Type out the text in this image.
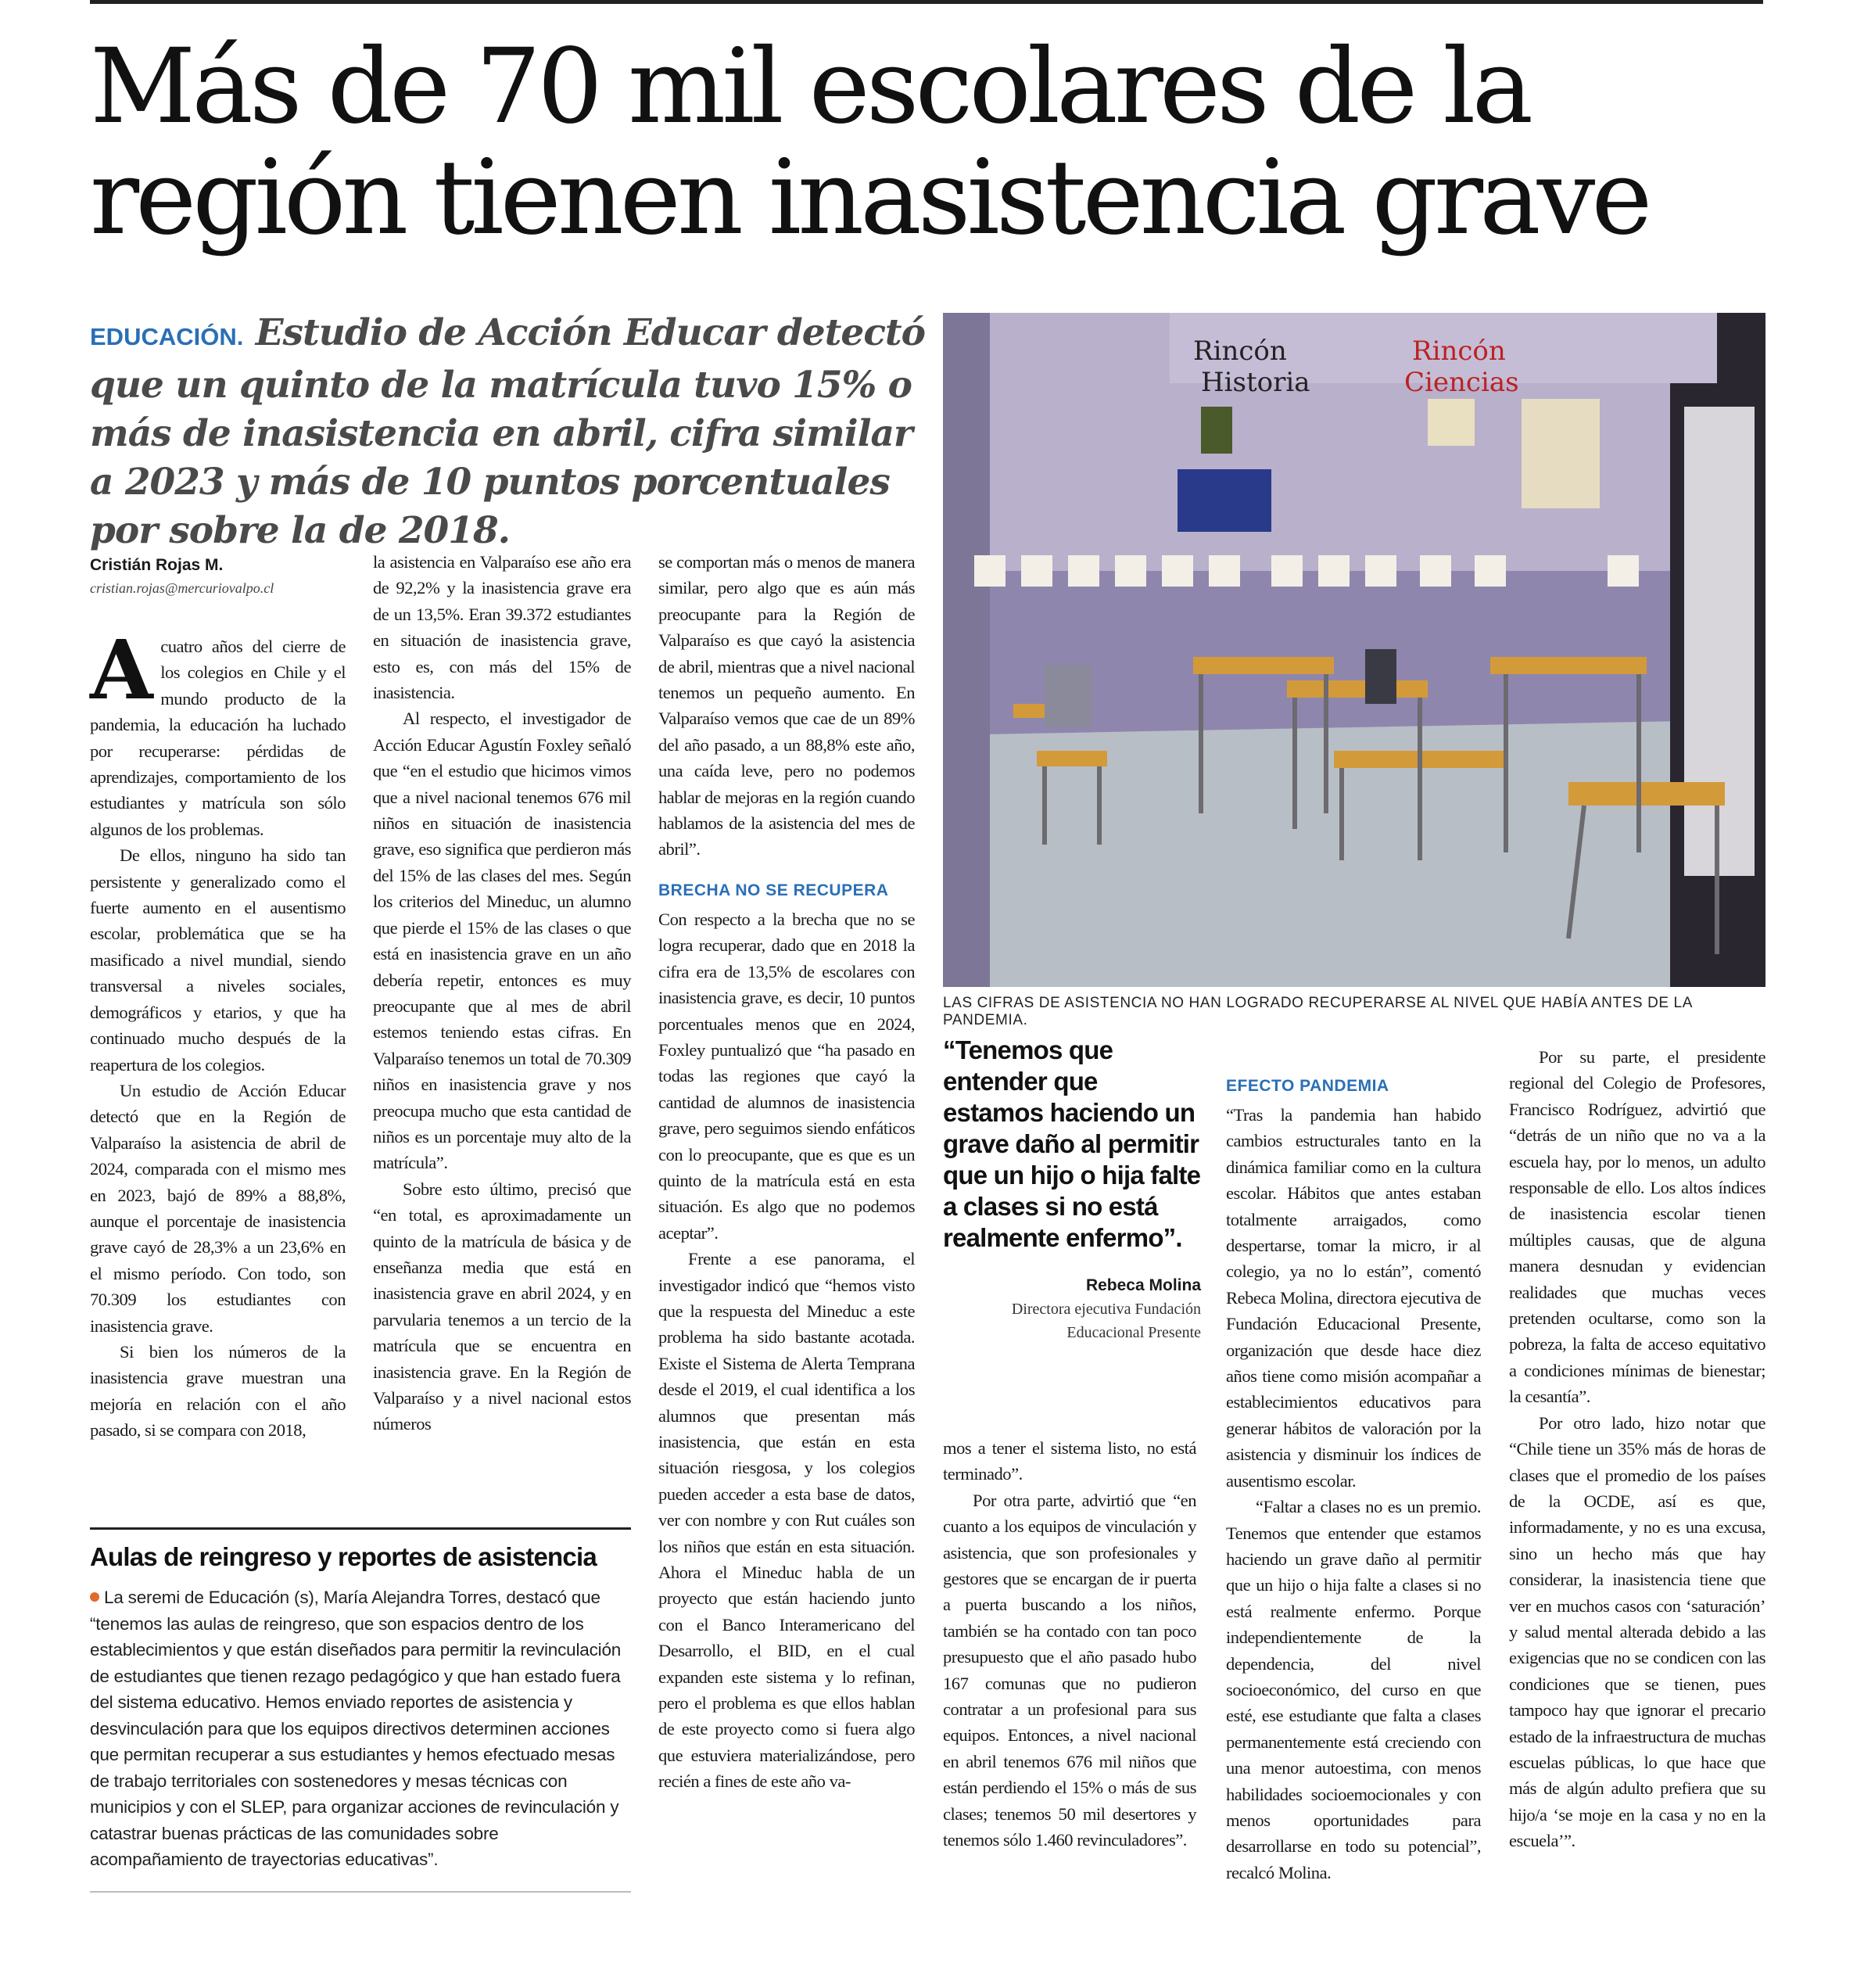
Más de 70 mil escolares de la
región tienen inasistencia grave
EDUCACIÓN. Estudio de Acción Educar detectó que un quinto de la matrícula tuvo 15% o más de inasistencia en abril, cifra similar a 2023 y más de 10 puntos porcentuales por sobre la de 2018.
Rincón
Historia
Rincón
Ciencias
LAS CIFRAS DE ASISTENCIA NO HAN LOGRADO RECUPERARSE AL NIVEL QUE HABÍA ANTES DE LA PANDEMIA.
Cristián Rojas M.
cristian.rojas@mercuriovalpo.cl

Acuatro años del cierre de los colegios en Chile y el mundo producto de la pandemia, la educación ha luchado por recuperarse: pérdidas de aprendizajes, comportamiento de los estudiantes y matrícula son sólo algunos de los problemas.

De ellos, ninguno ha sido tan persistente y generalizado como el fuerte aumento en el ausentismo escolar, problemática que se ha masificado a nivel mundial, siendo transversal a niveles sociales, demográficos y etarios, y que ha continuado mucho después de la reapertura de los colegios.

Un estudio de Acción Educar detectó que en la Región de Valparaíso la asistencia de abril de 2024, comparada con el mismo mes en 2023, bajó de 89% a 88,8%, aunque el porcentaje de inasistencia grave cayó de 28,3% a un 23,6% en el mismo período. Con todo, son 70.309 los estudiantes con inasistencia grave.

Si bien los números de la inasistencia grave muestran una mejoría en relación con el año pasado, si se compara con 2018,

la asistencia en Valparaíso ese año era de 92,2% y la inasistencia grave era de un 13,5%. Eran 39.372 estudiantes en situación de inasistencia grave, esto es, con más del 15% de inasistencia.

Al respecto, el investigador de Acción Educar Agustín Foxley señaló que “en el estudio que hicimos vimos que a nivel nacional tenemos 676 mil niños en situación de inasistencia grave, eso significa que perdieron más del 15% de las clases del mes. Según los criterios del Mineduc, un alumno que pierde el 15% de las clases o que está en inasistencia grave en un año debería repetir, entonces es muy preocupante que al mes de abril estemos teniendo estas cifras. En Valparaíso tenemos un total de 70.309 niños en inasistencia grave y nos preocupa mucho que esta cantidad de niños es un porcentaje muy alto de la matrícula”.

Sobre esto último, precisó que “en total, es aproximadamente un quinto de la matrícula de básica y de enseñanza media que está en inasistencia grave en abril 2024, y en parvularia tenemos a un tercio de la matrícula que se encuentra en inasistencia grave. En la Región de Valparaíso y a nivel nacional estos números

se comportan más o menos de manera similar, pero algo que es aún más preocupante para la Región de Valparaíso es que cayó la asistencia de abril, mientras que a nivel nacional tenemos un pequeño aumento. En Valparaíso vemos que cae de un 89% del año pasado, a un 88,8% este año, una caída leve, pero no podemos hablar de mejoras en la región cuando hablamos de la asistencia del mes de abril”.

BRECHA NO SE RECUPERA

Con respecto a la brecha que no se logra recuperar, dado que en 2018 la cifra era de 13,5% de escolares con inasistencia grave, es decir, 10 puntos porcentuales menos que en 2024, Foxley puntualizó que “ha pasado en todas las regiones que cayó la cantidad de alumnos de inasistencia grave, pero seguimos siendo enfáticos con lo preocupante, que es que es un quinto de la matrícula está en esta situación. Es algo que no podemos aceptar”.

Frente a ese panorama, el investigador indicó que “hemos visto que la respuesta del Mineduc a este problema ha sido bastante acotada. Existe el Sistema de Alerta Temprana desde el 2019, el cual identifica a los alumnos que presentan más inasistencia, que están en esta situación riesgosa, y los colegios pueden acceder a esta base de datos, ver con nombre y con Rut cuáles son los niños que están en esta situación. Ahora el Mineduc habla de un proyecto que están haciendo junto con el Banco Interamericano del Desarrollo, el BID, en el cual expanden este sistema y lo refinan, pero el problema es que ellos hablan de este proyecto como si fuera algo que estuviera materializándose, pero recién a fines de este año va-

“Tenemos que entender que estamos haciendo un grave daño al permitir que un hijo o hija falte a clases si no está realmente enfermo”.
Rebeca Molina
Directora ejecutiva Fundación Educacional Presente

mos a tener el sistema listo, no está terminado”.

Por otra parte, advirtió que “en cuanto a los equipos de vinculación y asistencia, que son profesionales y gestores que se encargan de ir puerta a puerta buscando a los niños, también se ha contado con tan poco presupuesto que el año pasado hubo 167 comunas que no pudieron contratar a un profesional para sus equipos. Entonces, a nivel nacional en abril tenemos 676 mil niños que están perdiendo el 15% o más de sus clases; tenemos 50 mil desertores y tenemos sólo 1.460 revinculadores”.

EFECTO PANDEMIA

“Tras la pandemia han habido cambios estructurales tanto en la dinámica familiar como en la cultura escolar. Hábitos que antes estaban totalmente arraigados, como despertarse, tomar la micro, ir al colegio, ya no lo están”, comentó Rebeca Molina, directora ejecutiva de Fundación Educacional Presente, organización que desde hace diez años tiene como misión acompañar a establecimientos educativos para generar hábitos de valoración por la asistencia y disminuir los índices de ausentismo escolar.

“Faltar a clases no es un premio. Tenemos que entender que estamos haciendo un grave daño al permitir que un hijo o hija falte a clases si no está realmente enfermo. Porque independientemente de la dependencia, del nivel socioeconómico, del curso en que esté, ese estudiante que falta a clases permanentemente está creciendo con una menor autoestima, con menos habilidades socioemocionales y con menos oportunidades para desarrollarse en todo su potencial”, recalcó Molina.

Por su parte, el presidente regional del Colegio de Profesores, Francisco Rodríguez, advirtió que “detrás de un niño que no va a la escuela hay, por lo menos, un adulto responsable de ello. Los altos índices de inasistencia escolar tienen múltiples causas, que de alguna manera desnudan y evidencian realidades que muchas veces pretenden ocultarse, como son la pobreza, la falta de acceso equitativo a condiciones mínimas de bienestar; la cesantía”.

Por otro lado, hizo notar que “Chile tiene un 35% más de horas de clases que el promedio de los países de la OCDE, así es que, informadamente, y no es una excusa, sino un hecho más que hay considerar, la inasistencia tiene que ver en muchos casos con ‘saturación’ y salud mental alterada debido a las exigencias que no se condicen con las condiciones que se tienen, pues tampoco hay que ignorar el precario estado de la infraestructura de muchas escuelas públicas, lo que hace que más de algún adulto prefiera que su hijo/a ‘se moje en la casa y no en la escuela’”.

Aulas de reingreso y reportes de asistencia
La seremi de Educación (s), María Alejandra Torres, destacó que “tenemos las aulas de reingreso, que son espacios dentro de los establecimientos y que están diseñados para permitir la revinculación de estudiantes que tienen rezago pedagógico y que han estado fuera del sistema educativo. Hemos enviado reportes de asistencia y desvinculación para que los equipos directivos determinen acciones que permitan recuperar a sus estudiantes y hemos efectuado mesas de trabajo territoriales con sostenedores y mesas técnicas con municipios y con el SLEP, para organizar acciones de revinculación y catastrar buenas prácticas de las comunidades sobre acompañamiento de trayectorias educativas”.
